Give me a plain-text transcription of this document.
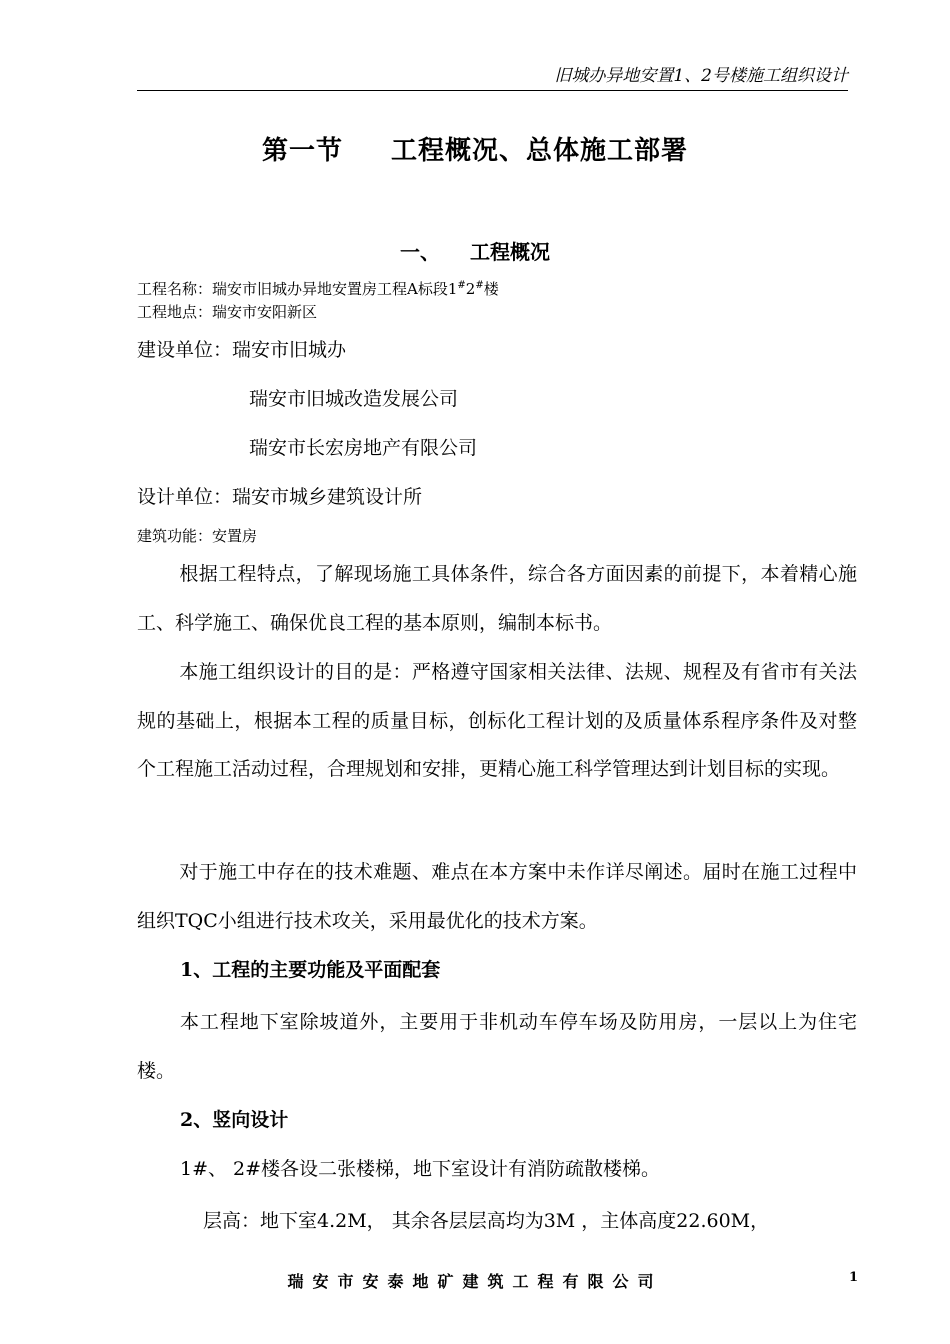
旧城办异地安置1、2号楼施工组织设计
第一节 工程概况、总体施工部署
一、 工程概况
工程名称：瑞安市旧城办异地安置房工程A标段1#2#楼
工程地点：瑞安市安阳新区
建设单位：瑞安市旧城办
瑞安市旧城改造发展公司
瑞安市长宏房地产有限公司
设计单位：瑞安市城乡建筑设计所
建筑功能：安置房
根据工程特点，了解现场施工具体条件，综合各方面因素的前提下，本着精心施工、科学施工、确保优良工程的基本原则，编制本标书。
本施工组织设计的目的是：严格遵守国家相关法律、法规、规程及有省市有关法规的基础上，根据本工程的质量目标，创标化工程计划的及质量体系程序条件及对整个工程施工活动过程，合理规划和安排，更精心施工科学管理达到计划目标的实现。
对于施工中存在的技术难题、难点在本方案中未作详尽阐述。届时在施工过程中组织TQC小组进行技术攻关，采用最优化的技术方案。
1、工程的主要功能及平面配套
本工程地下室除坡道外，主要用于非机动车停车场及防用房，一层以上为住宅楼。
2、竖向设计
1#、 2#楼各设二张楼梯，地下室设计有消防疏散楼梯。
层高：地下室4.2M， 其余各层层高均为3M ，主体高度22.60M，
瑞安市安泰地矿建筑工程有限公司	1
